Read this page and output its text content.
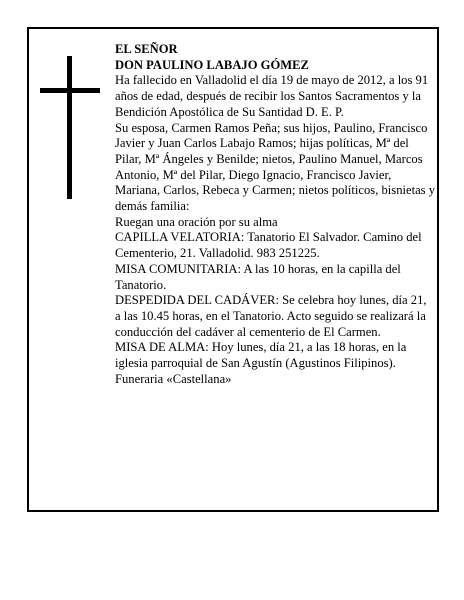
EL SEÑOR

DON PAULINO LABAJO GÓMEZ

Ha fallecido en Valladolid el día 19 de mayo de 2012, a los 91 años de edad, después de recibir los Santos Sacramentos y la Bendición Apostólica de Su Santidad D. E. P.

Su esposa, Carmen Ramos Peña; sus hijos, Paulino, Francisco Javier y Juan Carlos Labajo Ramos; hijas políticas, Mª del Pilar, Mª Ángeles y Benilde; nietos, Paulino Manuel, Marcos Antonio, Mª del Pilar, Diego Ignacio, Francisco Javier, Mariana, Carlos, Rebeca y Carmen; nietos políticos, bisnietas y demás familia:

Ruegan una oración por su alma

CAPILLA VELATORIA: Tanatorio El Salvador. Camino del Cementerio, 21. Valladolid. 983 251225.

MISA COMUNITARIA: A las 10 horas, en la capilla del Tanatorio.

DESPEDIDA DEL CADÁVER: Se celebra hoy lunes, día 21, a las 10.45 horas, en el Tanatorio. Acto seguido se realizará la conducción del cadáver al cementerio de El Carmen.

MISA DE ALMA: Hoy lunes, día 21, a las 18 horas, en la iglesia parroquial de San Agustín (Agustinos Filipinos).

Funeraria «Castellana»
